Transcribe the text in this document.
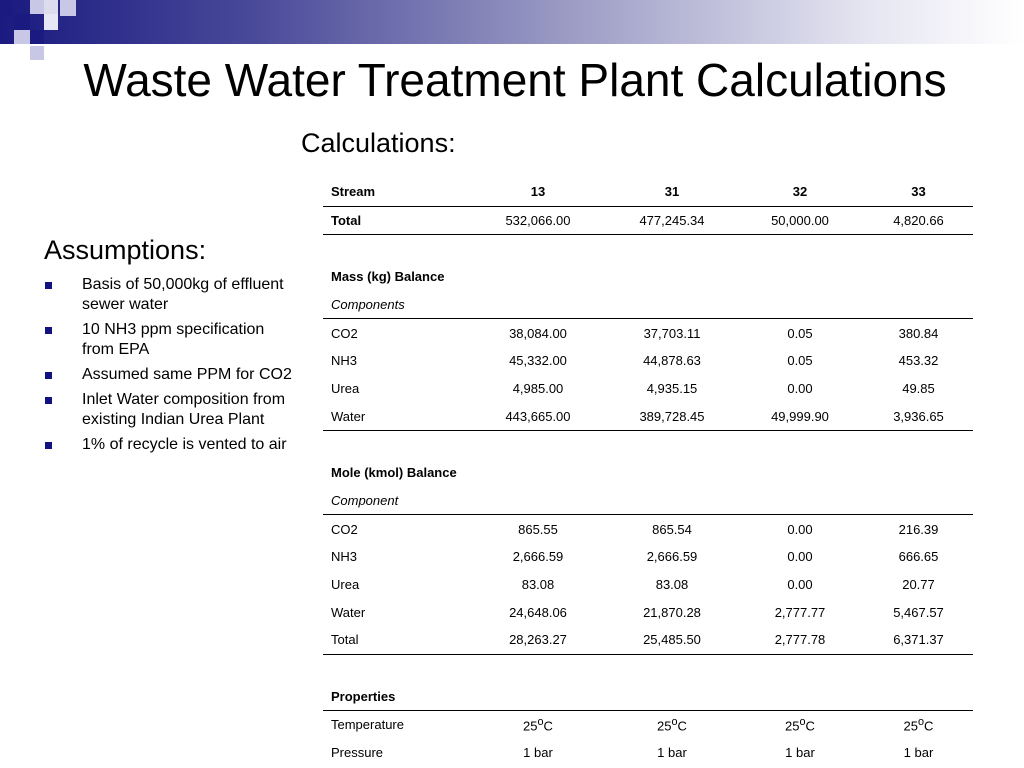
Waste Water Treatment Plant Calculations
Calculations:
Assumptions:
Basis of 50,000kg of effluent sewer water
10 NH3 ppm specification from EPA
Assumed same PPM for CO2
Inlet Water composition from existing Indian Urea Plant
1% of recycle is vented to air
Stream	13	31	32	33
Total	532,066.00	477,245.34	50,000.00	4,820.66

Mass (kg) Balance				
Components				
CO2	38,084.00	37,703.11	0.05	380.84
NH3	45,332.00	44,878.63	0.05	453.32
Urea	4,985.00	4,935.15	0.00	49.85
Water	443,665.00	389,728.45	49,999.90	3,936.65

Mole (kmol) Balance				
Component				
CO2	865.55	865.54	0.00	216.39
NH3	2,666.59	2,666.59	0.00	666.65
Urea	83.08	83.08	0.00	20.77
Water	24,648.06	21,870.28	2,777.77	5,467.57
Total	28,263.27	25,485.50	2,777.78	6,371.37

Properties				
Temperature	25$^o$C	25$^o$C	25$^o$C	25$^o$C
Pressure	1 bar	1 bar	1 bar	1 bar
